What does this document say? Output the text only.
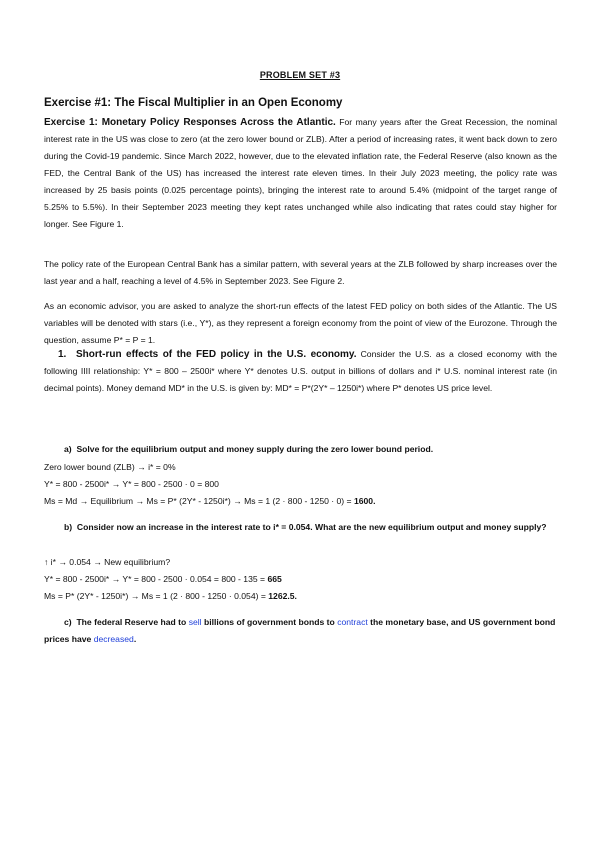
PROBLEM SET #3
Exercise #1: The Fiscal Multiplier in an Open Economy

Exercise 1: Monetary Policy Responses Across the Atlantic. For many years after the Great Recession, the nominal interest rate in the US was close to zero (at the zero lower bound or ZLB). After a period of increasing rates, it went back down to zero during the Covid-19 pandemic. Since March 2022, however, due to the elevated inflation rate, the Federal Reserve (also known as the FED, the Central Bank of the US) has increased the interest rate eleven times. In their July 2023 meeting, the policy rate was increased by 25 basis points (0.025 percentage points), bringing the interest rate to around 5.4% (midpoint of the target range of 5.25% to 5.5%). In their September 2023 meeting they kept rates unchanged while also indicating that rates could stay higher for longer. See Figure 1.

The policy rate of the European Central Bank has a similar pattern, with several years at the ZLB followed by sharp increases over the last year and a half, reaching a level of 4.5% in September 2023. See Figure 2.

As an economic advisor, you are asked to analyze the short-run effects of the latest FED policy on both sides of the Atlantic. The US variables will be denoted with stars (i.e., Y*), as they represent a foreign economy from the point of view of the Eurozone. Through the question, assume P* = P = 1.

1. Short-run effects of the FED policy in the U.S. economy. Consider the U.S. as a closed economy with the following IIII relationship: Y* = 800 – 2500i* where Y* denotes U.S. output in billions of dollars and i* U.S. nominal interest rate (in decimal points). Money demand MD* in the U.S. is given by: MD* = P*(2Y* – 1250i*) where P* denotes US price level.

a) Solve for the equilibrium output and money supply during the zero lower bound period.

Zero lower bound (ZLB) → i* = 0%
Y* = 800 - 2500i* → Y* = 800 - 2500 · 0 = 800
Ms = Md → Equilibrium → Ms = P* (2Y* - 1250i*) → Ms = 1 (2 · 800 - 1250 · 0) = 1600.

b) Consider now an increase in the interest rate to i* = 0.054. What are the new equilibrium output and money supply?

↑ i* → 0.054 → New equilibrium?
Y* = 800 - 2500i* → Y* = 800 - 2500 · 0.054 = 800 - 135 = 665
Ms = P* (2Y* - 1250i*) → Ms = 1 (2 · 800 - 1250 · 0.054) = 1262.5.

c) The federal Reserve had to sell billions of government bonds to contract the monetary base, and US government bond prices have decreased.
